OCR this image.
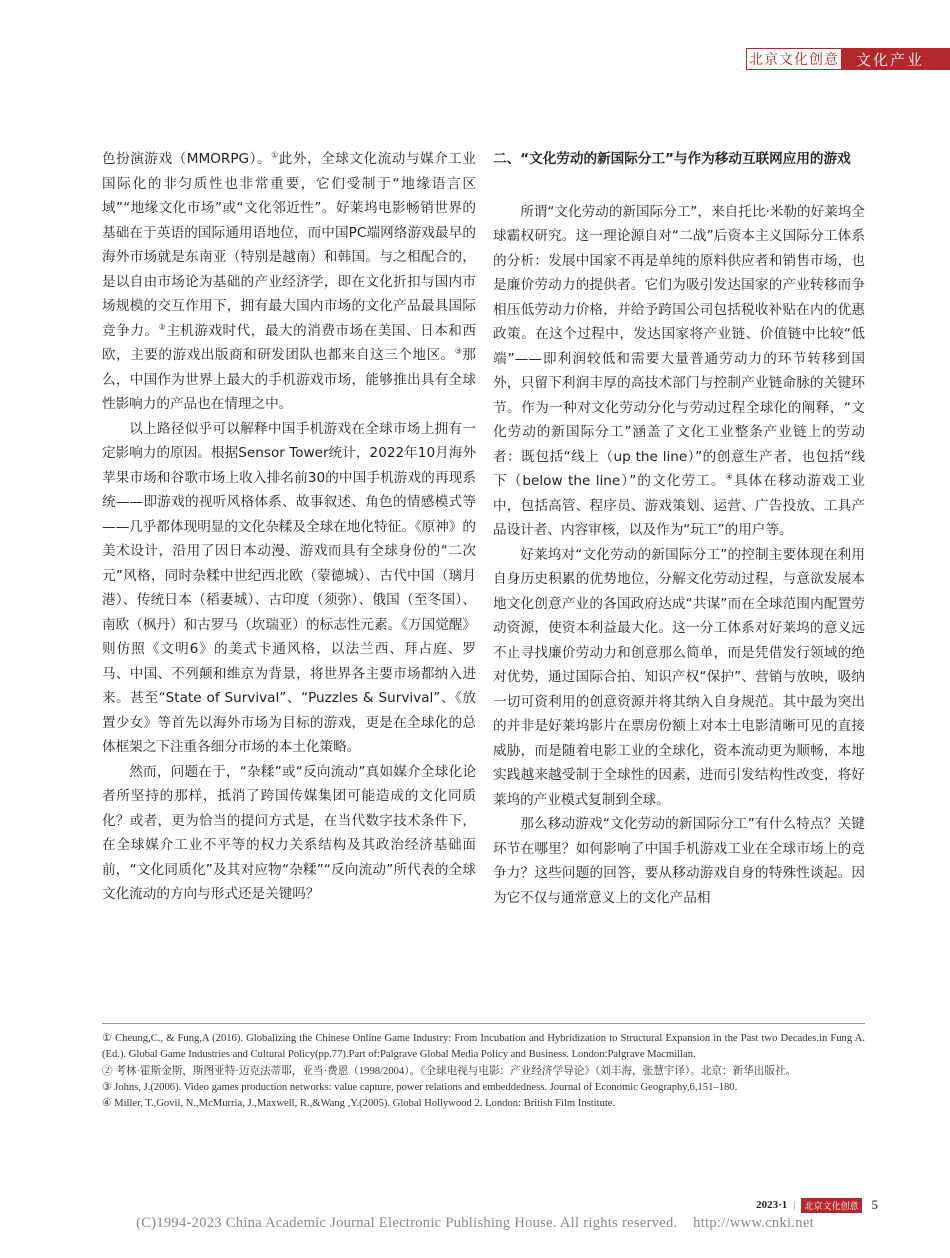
北京文化创意	文化产业

色扮演游戏（MMORPG）。①此外，全球文化流动与媒介工业国际化的非匀质性也非常重要，它们受制于“地缘语言区域”“地缘文化市场”或“文化邻近性”。好莱坞电影畅销世界的基础在于英语的国际通用语地位，而中国PC端网络游戏最早的海外市场就是东南亚（特别是越南）和韩国。与之相配合的，是以自由市场论为基础的产业经济学，即在文化折扣与国内市场规模的交互作用下，拥有最大国内市场的文化产品最具国际竞争力。②主机游戏时代，最大的消费市场在美国、日本和西欧，主要的游戏出版商和研发团队也都来自这三个地区。③那么，中国作为世界上最大的手机游戏市场，能够推出具有全球性影响力的产品也在情理之中。

以上路径似乎可以解释中国手机游戏在全球市场上拥有一定影响力的原因。根据Sensor Tower统计，2022年10月海外苹果市场和谷歌市场上收入排名前30的中国手机游戏的再现系统——即游戏的视听风格体系、故事叙述、角色的情感模式等——几乎都体现明显的文化杂糅及全球在地化特征。《原神》的美术设计，沿用了因日本动漫、游戏而具有全球身份的“二次元”风格，同时杂糅中世纪西北欧（蒙德城）、古代中国（璃月港）、传统日本（稻妻城）、古印度（须弥）、俄国（至冬国）、南欧（枫丹）和古罗马（坎瑞亚）的标志性元素。《万国觉醒》则仿照《文明6》的美式卡通风格，以法兰西、拜占庭、罗马、中国、不列颠和维京为背景，将世界各主要市场都纳入进来。甚至“State of Survival”、“Puzzles & Survival”、《放置少女》等首先以海外市场为目标的游戏，更是在全球化的总体框架之下注重各细分市场的本土化策略。

然而，问题在于，“杂糅”或“反向流动”真如媒介全球化论者所坚持的那样，抵消了跨国传媒集团可能造成的文化同质化？或者，更为恰当的提问方式是，在当代数字技术条件下，在全球媒介工业不平等的权力关系结构及其政治经济基础面前，“文化同质化”及其对应物“杂糅”“反向流动”所代表的全球文化流动的方向与形式还是关键吗？

二、“文化劳动的新国际分工”与作为移动互联网应用的游戏

所谓“文化劳动的新国际分工”，来自托比·米勒的好莱坞全球霸权研究。这一理论源自对“二战”后资本主义国际分工体系的分析：发展中国家不再是单纯的原料供应者和销售市场，也是廉价劳动力的提供者。它们为吸引发达国家的产业转移而争相压低劳动力价格，并给予跨国公司包括税收补贴在内的优惠政策。在这个过程中，发达国家将产业链、价值链中比较“低端”——即利润较低和需要大量普通劳动力的环节转移到国外，只留下利润丰厚的高技术部门与控制产业链命脉的关键环节。作为一种对文化劳动分化与劳动过程全球化的阐释，“文化劳动的新国际分工”涵盖了文化工业整条产业链上的劳动者：既包括“线上（up the line）”的创意生产者，也包括“线下（below the line）”的文化劳工。④具体在移动游戏工业中，包括高管、程序员、游戏策划、运营、广告投放、工具产品设计者、内容审核，以及作为“玩工”的用户等。

好莱坞对“文化劳动的新国际分工”的控制主要体现在利用自身历史积累的优势地位，分解文化劳动过程，与意欲发展本地文化创意产业的各国政府达成“共谋”而在全球范围内配置劳动资源，使资本利益最大化。这一分工体系对好莱坞的意义远不止寻找廉价劳动力和创意那么简单，而是凭借发行领域的绝对优势，通过国际合拍、知识产权“保护”、营销与放映，吸纳一切可资利用的创意资源并将其纳入自身规范。其中最为突出的并非是好莱坞影片在票房份额上对本土电影清晰可见的直接威胁，而是随着电影工业的全球化，资本流动更为顺畅，本地实践越来越受制于全球性的因素，进而引发结构性改变，将好莱坞的产业模式复制到全球。

那么移动游戏“文化劳动的新国际分工”有什么特点？关键环节在哪里？如何影响了中国手机游戏工业在全球市场上的竞争力？这些问题的回答，要从移动游戏自身的特殊性谈起。因为它不仅与通常意义上的文化产品相

① Cheung,C., & Fung,A (2016). Globalizing the Chinese Online Game Industry: From Incubation and Hybridization to Structural Expansion in the Past two Decades.in Fung A.(Ed.). Global Game Industries and Cultural Policy(pp.77).Part of:Palgrave Global Media Policy and Business. London:Palgrave Macmillan.
② 考林·霍斯金斯，斯图亚特·迈克法蒂耶，亚当·费恩（1998/2004）。《全球电视与电影：产业经济学导论》（刘丰海，张慧宇译）。北京：新华出版社。
③ Johns, J.(2006). Video games production networks: value capture, power relations and embeddedness. Journal of Economic Geography,6,151–180.
④ Miller, T.,Govil, N.,McMurria, J.,Maxwell, R.,&Wang ,Y.(2005). Global Hollywood 2. London: British Film Institute.
2023·1 |	北京文化创意 5
(C)1994-2023 China Academic Journal Electronic Publishing House. All rights reserved.    http://www.cnki.net
